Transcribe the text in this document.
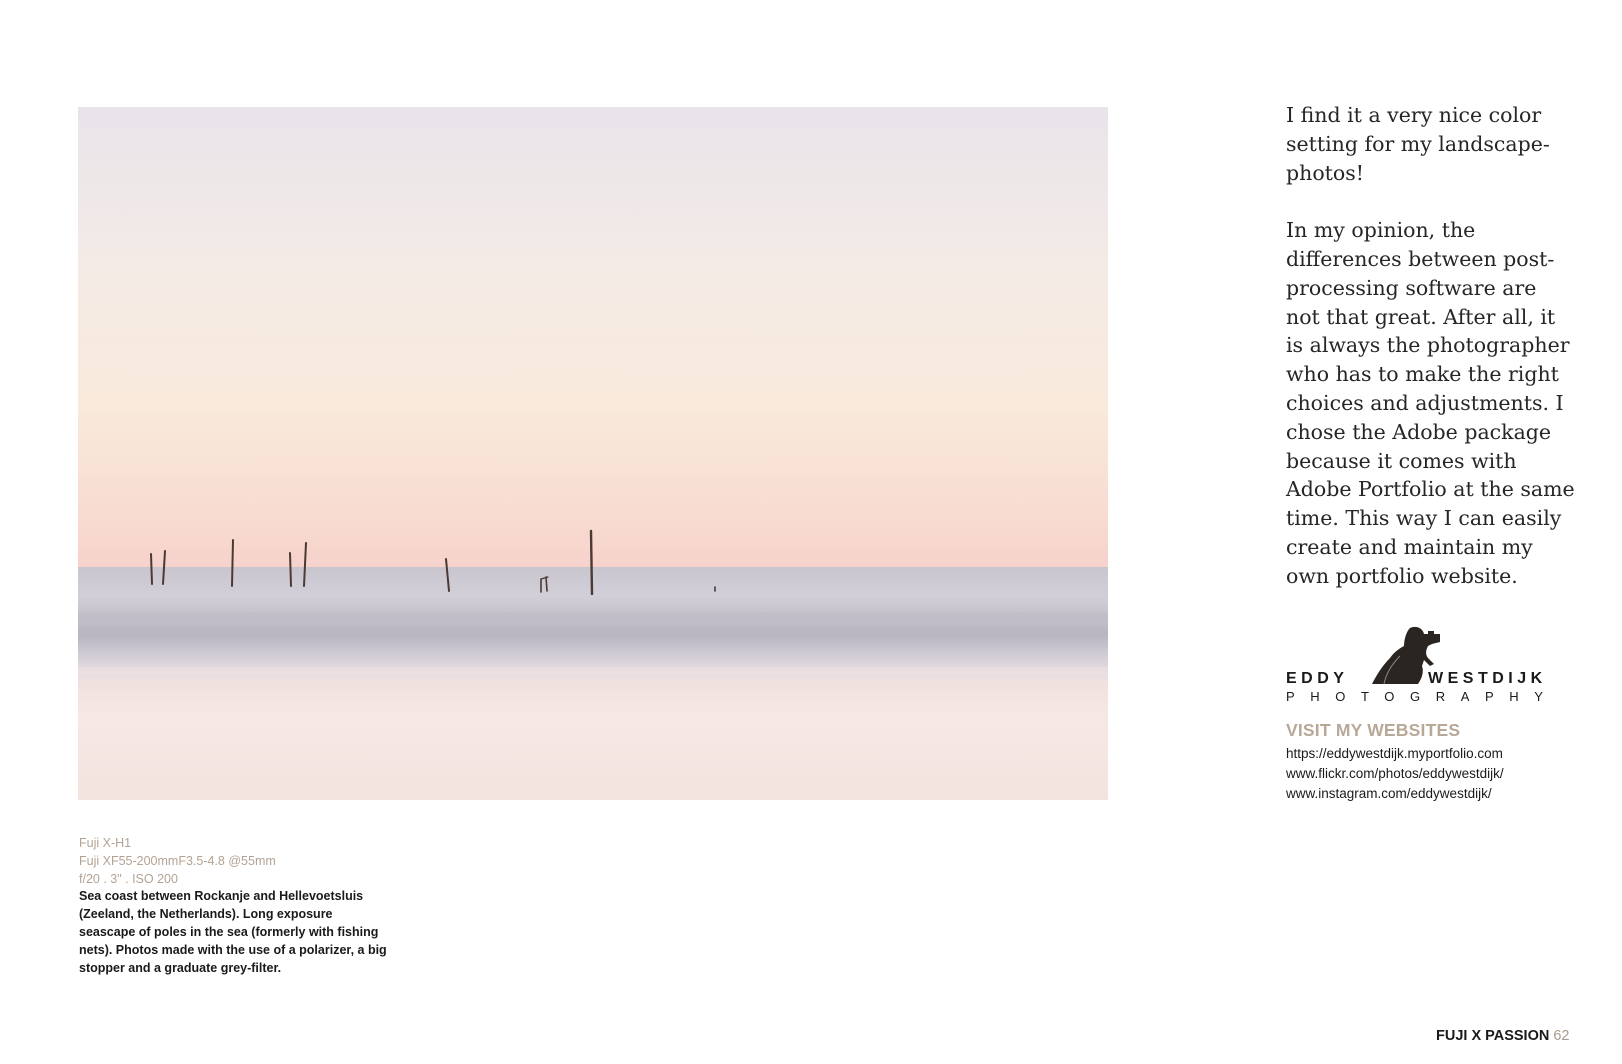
Fuji X-H1
Fuji XF55-200mmF3.5-4.8 @55mm
f/20 . 3" . ISO 200
Sea coast between Rockanje and Hellevoetsluis (Zeeland, the Netherlands). Long exposure seascape of poles in the sea (formerly with fishing nets). Photos made with the use of a polarizer, a big stopper and a graduate grey-filter.

I find it a very nice color setting for my landscape-photos!

In my opinion, the differences between post-processing software are not that great. After all, it is always the photographer who has to make the right choices and adjustments. I chose the Adobe package because it comes with Adobe Portfolio at the same time. This way I can easily create and maintain my own portfolio website.

EDDY	WESTDIJK
PHOTOGRAPHY
VISIT MY WEBSITES
https://eddywestdijk.myportfolio.com
www.flickr.com/photos/eddywestdijk/
www.instagram.com/eddywestdijk/
FUJI X PASSION 62
